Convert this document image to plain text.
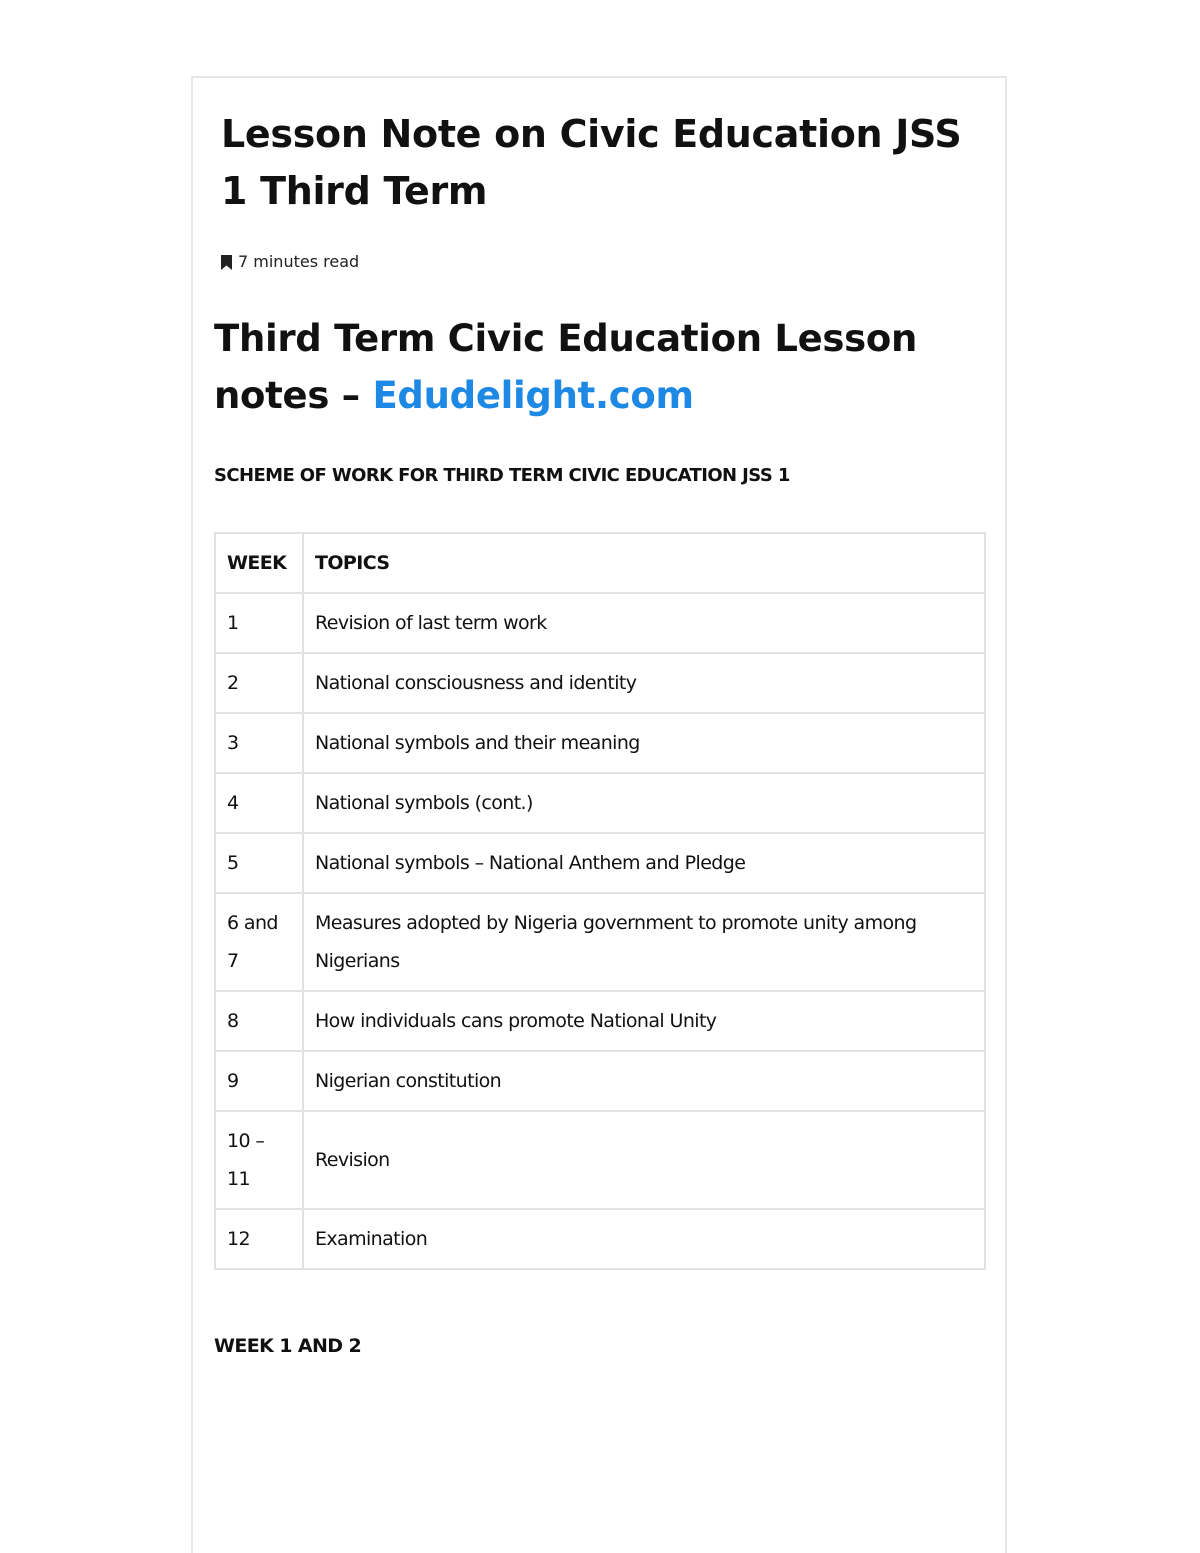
Lesson Note on Civic Education JSS 1 Third Term
7 minutes read
Third Term Civic Education Lesson notes – Edudelight.com
SCHEME OF WORK FOR THIRD TERM CIVIC EDUCATION JSS 1
WEEK	TOPICS
1	Revision of last term work
2	National consciousness and identity
3	National symbols and their meaning
4	National symbols (cont.)
5	National symbols – National Anthem and Pledge
6 and 7	Measures adopted by Nigeria government to promote unity among Nigerians
8	How individuals cans promote National Unity
9	Nigerian constitution
10 – 11	Revision
12	Examination
WEEK 1 AND 2
